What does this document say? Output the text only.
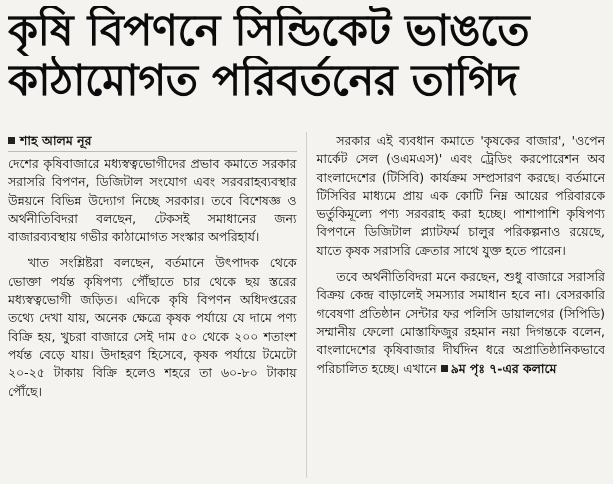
কৃষি বিপণনে সিন্ডিকেট ভাঙতে
কাঠামোগত পরিবর্তনের তাগিদ
শাহ আলম নূর

দেশের কৃষিবাজারে মধ্যস্বত্বভোগীদের প্রভাব কমাতে সরকার সরাসরি বিপণন, ডিজিটাল সংযোগ এবং সরবরাহব্যবস্থার উন্নয়নে বিভিন্ন উদ্যোগ নিচ্ছে সরকার। তবে বিশেষজ্ঞ ও অর্থনীতিবিদরা বলছেন, টেকসই সমাধানের জন্য বাজারব্যবস্থায় গভীর কাঠামোগত সংস্কার অপরিহার্য।

খাত সংশ্লিষ্টরা বলছেন, বর্তমানে উৎপাদক থেকে ভোক্তা পর্যন্ত কৃষিপণ্য পৌঁছাতে চার থেকে ছয় স্তরের মধ্যস্বত্বভোগী জড়িত। এদিকে কৃষি বিপণন অধিদপ্তরের তথ্যে দেখা যায়, অনেক ক্ষেত্রে কৃষক পর্যায়ে যে দামে পণ্য বিক্রি হয়, খুচরা বাজারে সেই দাম ৫০ থেকে ২০০ শতাংশ পর্যন্ত বেড়ে যায়। উদাহরণ হিসেবে, কৃষক পর্যায়ে টমেটো ২০-২৫ টাকায় বিক্রি হলেও শহরে তা ৬০-৮০ টাকায় পৌঁছে।

সরকার এই ব্যবধান কমাতে 'কৃষকের বাজার', 'ওপেন মার্কেট সেল (ওএমএস)' এবং ট্রেডিং করপোরেশন অব বাংলাদেশের (টিসিবি) কার্যক্রম সম্প্রসারণ করছে। বর্তমানে টিসিবির মাধ্যমে প্রায় এক কোটি নিম্ন আয়ের পরিবারকে ভর্তুকিমূল্যে পণ্য সরবরাহ করা হচ্ছে। পাশাপাশি কৃষিপণ্য বিপণনে ডিজিটাল প্ল্যাটফর্ম চালুর পরিকল্পনাও রয়েছে, যাতে কৃষক সরাসরি ক্রেতার সাথে যুক্ত হতে পারেন।

তবে অর্থনীতিবিদরা মনে করছেন, শুধু বাজারে সরাসরি বিক্রয় কেন্দ্র বাড়ালেই সমস্যার সমাধান হবে না। বেসরকারি গবেষণা প্রতিষ্ঠান সেন্টার ফর পলিসি ডায়ালগের (সিপিডি) সম্মানীয় ফেলো মোস্তাফিজুর রহমান নয়া দিগন্তকে বলেন, বাংলাদেশের কৃষিবাজার দীর্ঘদিন ধরে অপ্রাতিষ্ঠানিকভাবে পরিচালিত হচ্ছে। এখানে ৯ম পৃঃ ৭-এর কলামে
